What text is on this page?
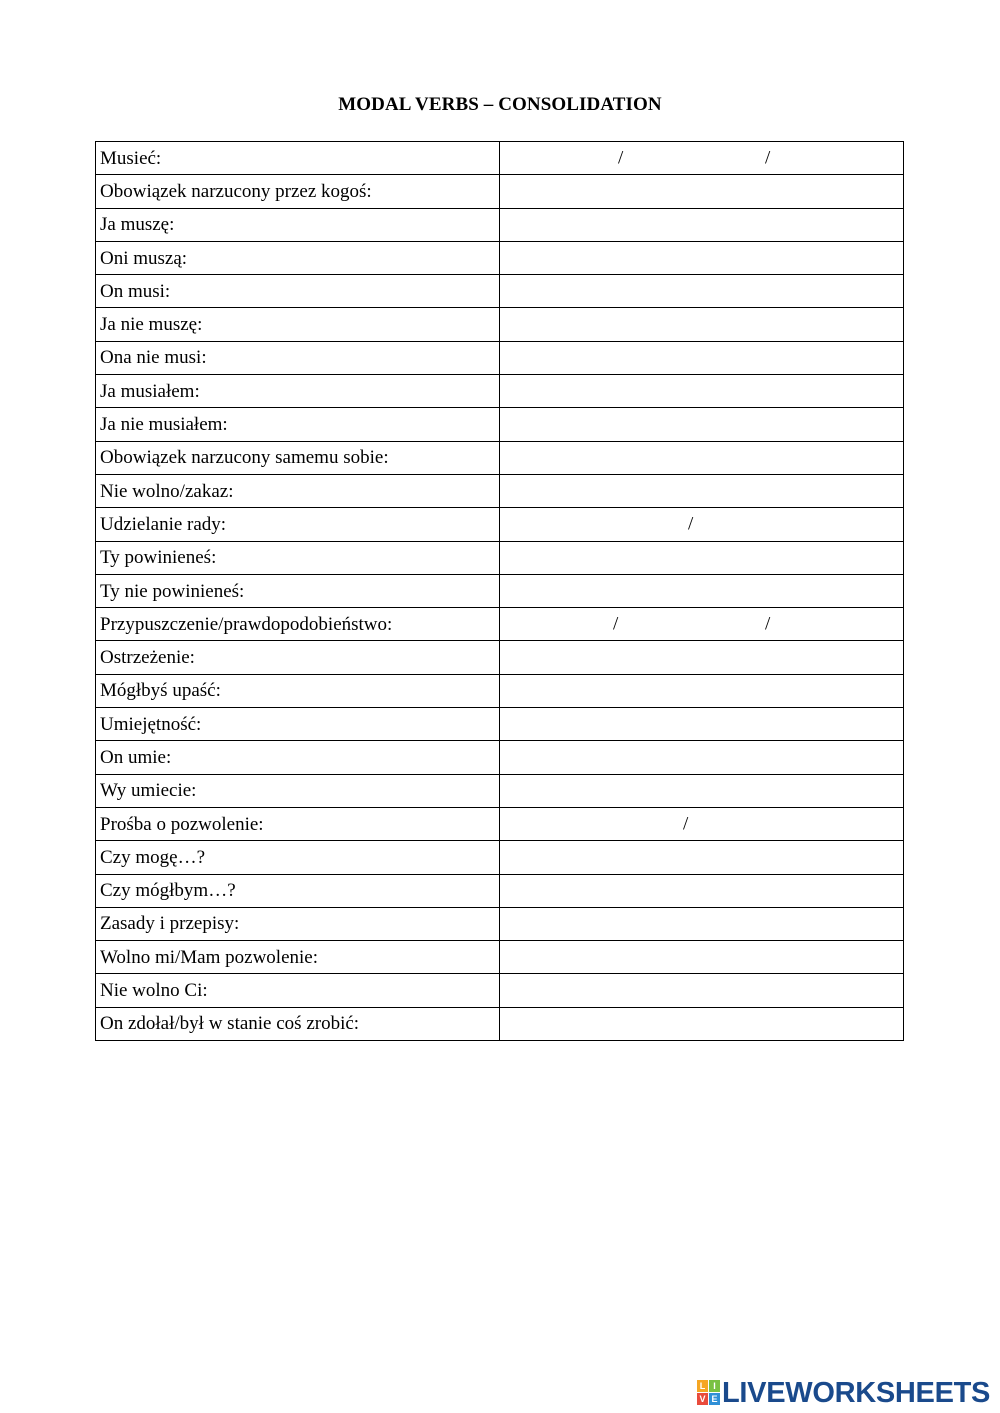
MODAL VERBS – CONSOLIDATION
Musieć:	/ /

Obowiązek narzucony przez kogoś:	

Ja muszę:	

Oni muszą:	

On musi:	

Ja nie muszę:	

Ona nie musi:	

Ja musiałem:	

Ja nie musiałem:	

Obowiązek narzucony samemu sobie:	

Nie wolno/zakaz:	

Udzielanie rady:	/

Ty powinieneś:	

Ty nie powinieneś:	

Przypuszczenie/prawdopodobieństwo:	/ /

Ostrzeżenie:	

Mógłbyś upaść:	

Umiejętność:	

On umie:	

Wy umiecie:	

Prośba o pozwolenie:	/

Czy mogę…?	

Czy mógłbym…?	

Zasady i przepisy:	

Wolno mi/Mam pozwolenie:	

Nie wolno Ci:	

On zdołał/był w stanie coś zrobić:	
L I
V E LIVEWORKSHEETS
